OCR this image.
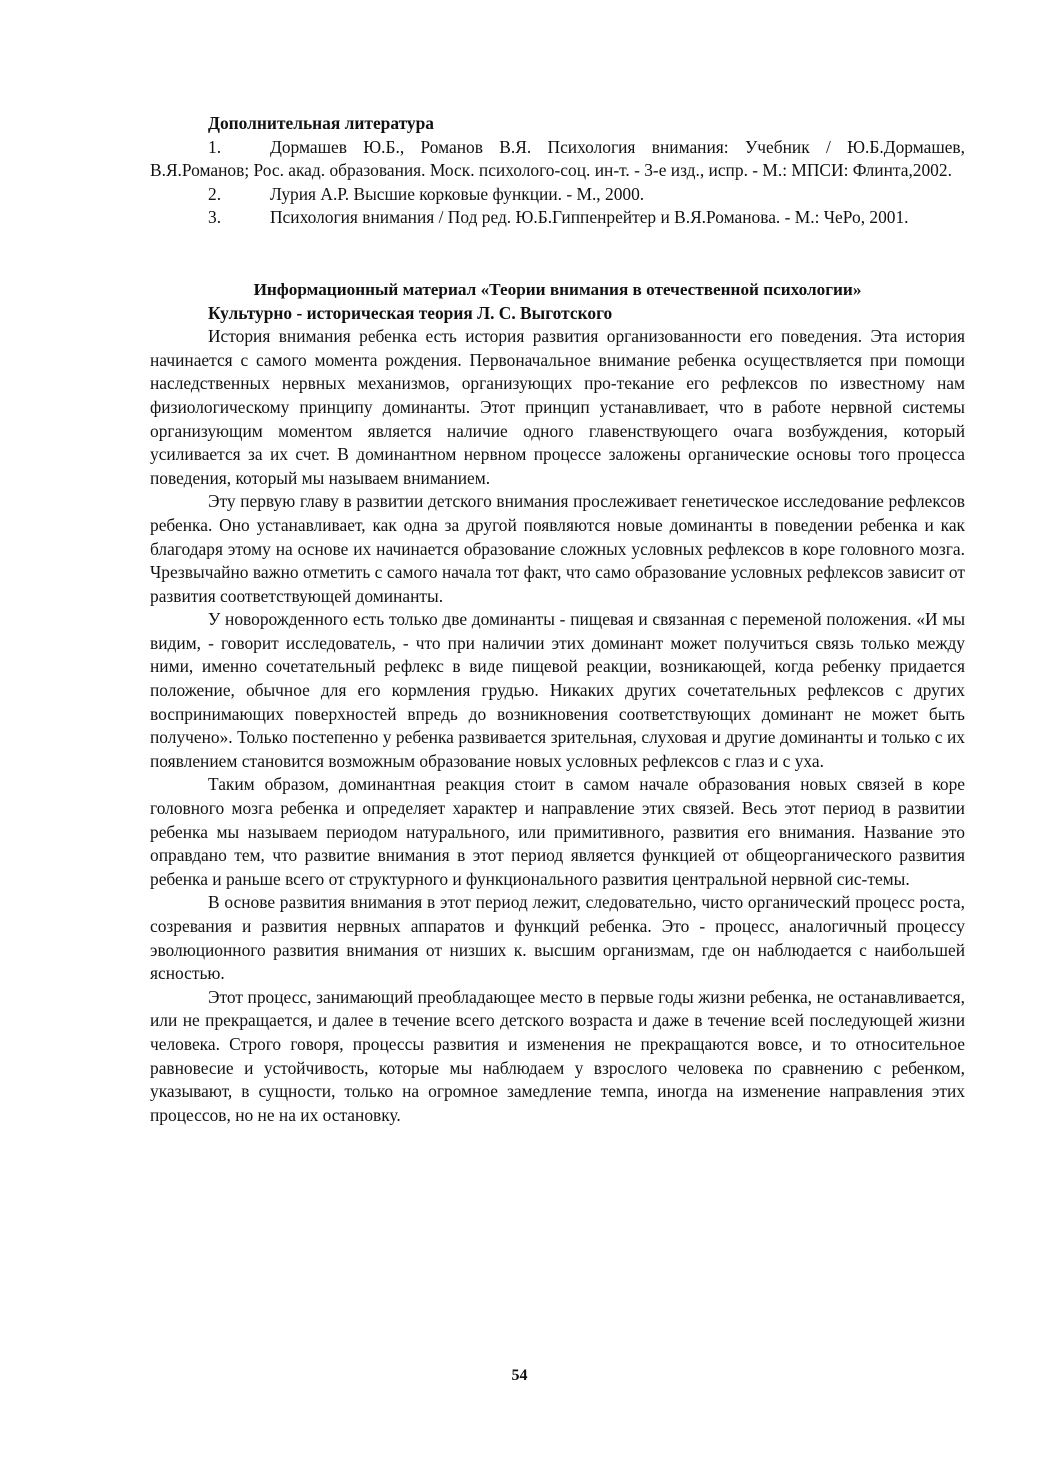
Дополнительная литература

1.	Дормашев Ю.Б., Романов В.Я. Психология внимания: Учебник / Ю.Б.Дормашев, В.Я.Романов; Рос. акад. образования. Моск. психолого-соц. ин-т. - 3-е изд., испр. - М.: МПСИ: Флинта,2002.

2.	Лурия А.Р. Высшие корковые функции. - М., 2000.

3.	Психология внимания / Под ред. Ю.Б.Гиппенрейтер и В.Я.Романова. - М.: ЧеРо, 2001.

Информационный материал «Теории внимания в отечественной психологии»

Культурно - историческая теория Л. С. Выготского

История внимания ребенка есть история развития организованности его поведения. Эта история начинается с самого момента рождения. Первоначальное внимание ребенка осуществляется при помощи наследственных нервных механизмов, организующих про-текание его рефлексов по известному нам физиологическому принципу доминанты. Этот принцип устанавливает, что в работе нервной системы организующим моментом является наличие одного главенствующего очага возбуждения, который усиливается за их счет. В доминантном нервном процессе заложены органические основы того процесса поведения, который мы называем вниманием.

Эту первую главу в развитии детского внимания прослеживает генетическое исследование рефлексов ребенка. Оно устанавливает, как одна за другой появляются новые доминанты в поведении ребенка и как благодаря этому на основе их начинается образование сложных условных рефлексов в коре головного мозга. Чрезвычайно важно отметить с самого начала тот факт, что само образование условных рефлексов зависит от развития соответствующей доминанты.

У новорожденного есть только две доминанты - пищевая и связанная с переменой положения. «И мы видим, - говорит исследователь, - что при наличии этих доминант может получиться связь только между ними, именно сочетательный рефлекс в виде пищевой реакции, возникающей, когда ребенку придается положение, обычное для его кормления грудью. Никаких других сочетательных рефлексов с других воспринимающих поверхностей впредь до возникновения соответствующих доминант не может быть получено». Только постепенно у ребенка развивается зрительная, слуховая и другие доминанты и только с их появлением становится возможным образование новых условных рефлексов с глаз и с уха.

Таким образом, доминантная реакция стоит в самом начале образования новых связей в коре головного мозга ребенка и определяет характер и направление этих связей. Весь этот период в развитии ребенка мы называем периодом натурального, или примитивного, развития его внимания. Название это оправдано тем, что развитие внимания в этот период является функцией от общеорганического развития ребенка и раньше всего от структурного и функционального развития центральной нервной сис-темы.

В основе развития внимания в этот период лежит, следовательно, чисто органический процесс роста, созревания и развития нервных аппаратов и функций ребенка. Это - процесс, аналогичный процессу эволюционного развития внимания от низших к. высшим организмам, где он наблюдается с наибольшей ясностью.

Этот процесс, занимающий преобладающее место в первые годы жизни ребенка, не останавливается, или не прекращается, и далее в течение всего детского возраста и даже в течение всей последующей жизни человека. Строго говоря, процессы развития и изменения не прекращаются вовсе, и то относительное равновесие и устойчивость, которые мы наблюдаем у взрослого человека по сравнению с ребенком, указывают, в сущности, только на огромное замедление темпа, иногда на изменение направления этих процессов, но не на их остановку.

54
